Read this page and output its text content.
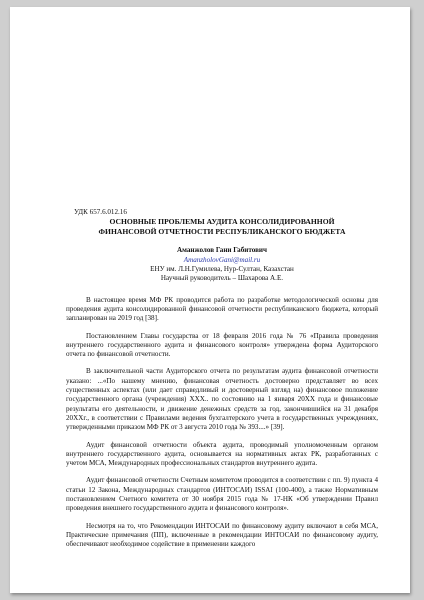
УДК 657.6.012.16

ОСНОВНЫЕ ПРОБЛЕМЫ АУДИТА КОНСОЛИДИРОВАННОЙ
ФИНАНСОВОЙ ОТЧЕТНОСТИ РЕСПУБЛИКАНСКОГО БЮДЖЕТА

Аманжолов Гани Габитович

AmanzholovGani@mail.ru

ЕНУ им. Л.Н.Гумилева, Нур-Султан, Казахстан

Научный руководитель – Шахарова А.Е.

В настоящее время МФ РК проводится работа по разработке методологической основы для проведения аудита консолидированной финансовой отчетности республиканского бюджета, который запланирован на 2019 год [38].

Постановлением Главы государства от 18 февраля 2016 года № 76 «Правила проведения внутреннего государственного аудита и финансового контроля» утверждена форма Аудиторского отчета по финансовой отчетности.

В заключительной части Аудиторского отчета по результатам аудита финансовой отчетности указано: ...«По нашему мнению, финансовая отчетность достоверно представляет во всех существенных аспектах (или дает справедливый и достоверный взгляд на) финансовое положение государственного органа (учреждения) XXX.. по состоянию на 1 января 20XX года и финансовые результаты его деятельности, и движение денежных средств за год, закончившийся на 31 декабря 20XXг., в соответствии с Правилами ведения бухгалтерского учета в государственных учреждениях, утвержденными приказом МФ РК от 3 августа 2010 года № 393....» [39].

Аудит финансовой отчетности объекта аудита, проводимый уполномоченным органом внутреннего государственного аудита, основывается на нормативных актах РК, разработанных с учетом МСА, Международных профессиональных стандартов внутреннего аудита.

Аудит финансовой отчетности Счетным комитетом проводится в соответствии с пп. 9) пункта 4 статьи 12 Закона, Международных стандартов (ИНТОСАИ) ISSAI (100-400), а также Нормативным постановлением Счетного комитета от 30 ноября 2015 года № 17-НК «Об утверждении Правил проведения внешнего государственного аудита и финансового контроля».

Несмотря на то, что Рекомендации ИНТОСАИ по финансовому аудиту включают в себя МСА, Практические примечания (ПП), включенные в рекомендации ИНТОСАИ по финансовому аудиту, обеспечивают необходимое содействие в применении каждого
